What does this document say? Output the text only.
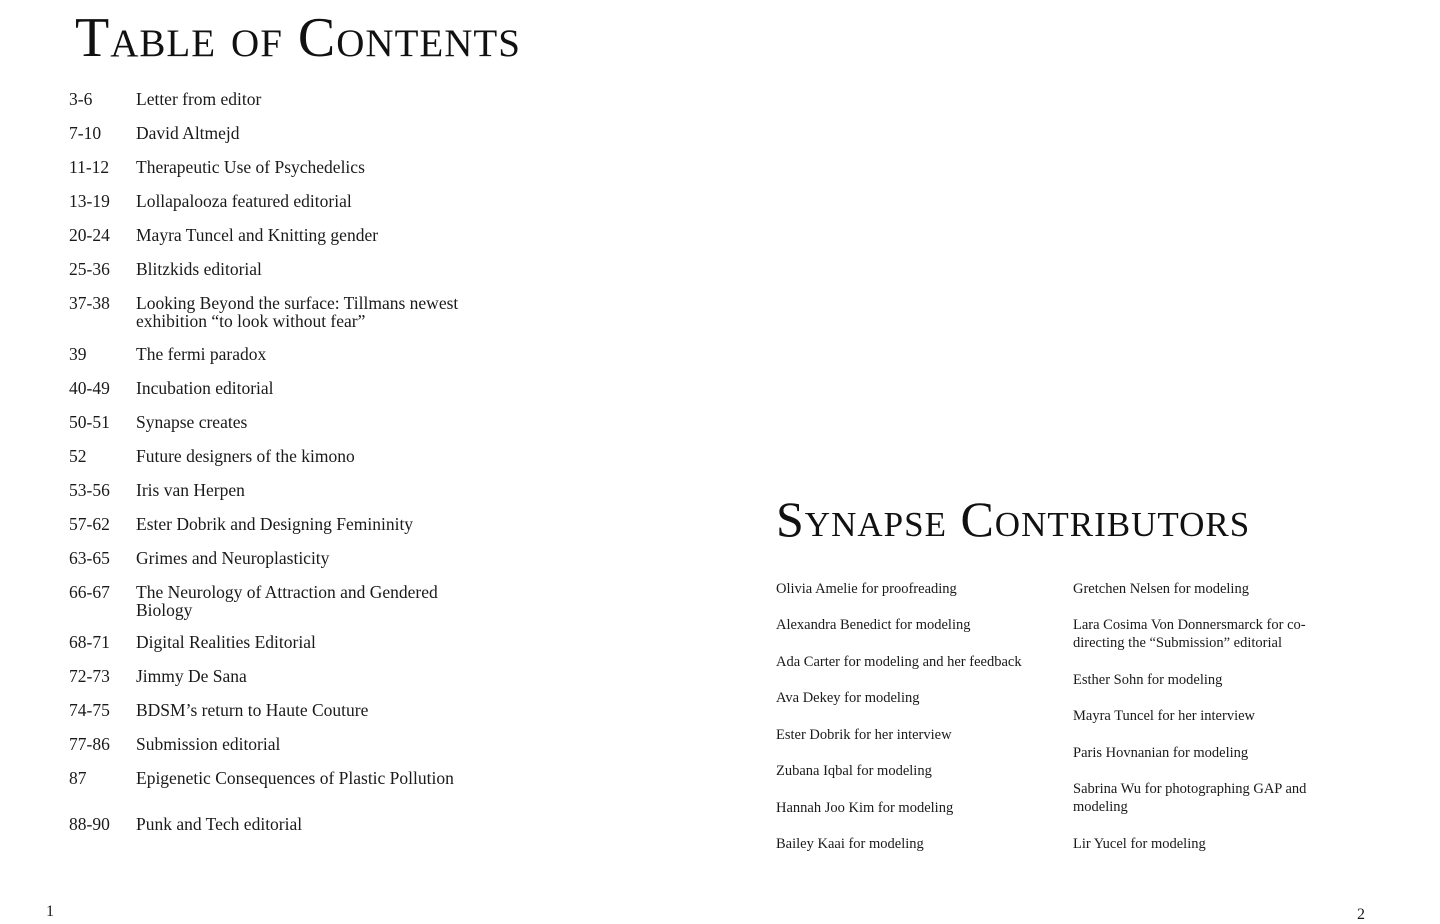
Table of Contents
3-6	Letter from editor
7-10	David Altmejd
11-12	Therapeutic Use of Psychedelics
13-19	Lollapalooza featured editorial
20-24	Mayra Tuncel and Knitting gender
25-36	Blitzkids editorial
37-38	Looking Beyond the surface: Tillmans newest exhibition “to look without fear”
39	The fermi paradox
40-49	Incubation editorial
50-51	Synapse creates
52	Future designers of the kimono
53-56	Iris van Herpen
57-62	Ester Dobrik and Designing Femininity
63-65	Grimes and Neuroplasticity
66-67	The Neurology of Attraction and Gendered Biology
68-71	Digital Realities Editorial
72-73	Jimmy De Sana
74-75	BDSM’s return to Haute Couture
77-86	Submission editorial
87	Epigenetic Consequences of Plastic Pollution
88-90	Punk and Tech editorial
Synapse Contributors
Olivia Amelie for proofreading
Alexandra Benedict for modeling
Ada Carter for modeling and her feedback
Ava Dekey for modeling
Ester Dobrik for her interview
Zubana Iqbal for modeling
Hannah Joo Kim for modeling
Bailey Kaai for modeling
Gretchen Nelsen for modeling
Lara Cosima Von Donnersmarck for co-directing the “Submission” editorial
Esther Sohn for modeling
Mayra Tuncel for her interview
Paris Hovnanian for modeling
Sabrina Wu for photographing GAP and modeling
Lir Yucel for modeling
1	2
